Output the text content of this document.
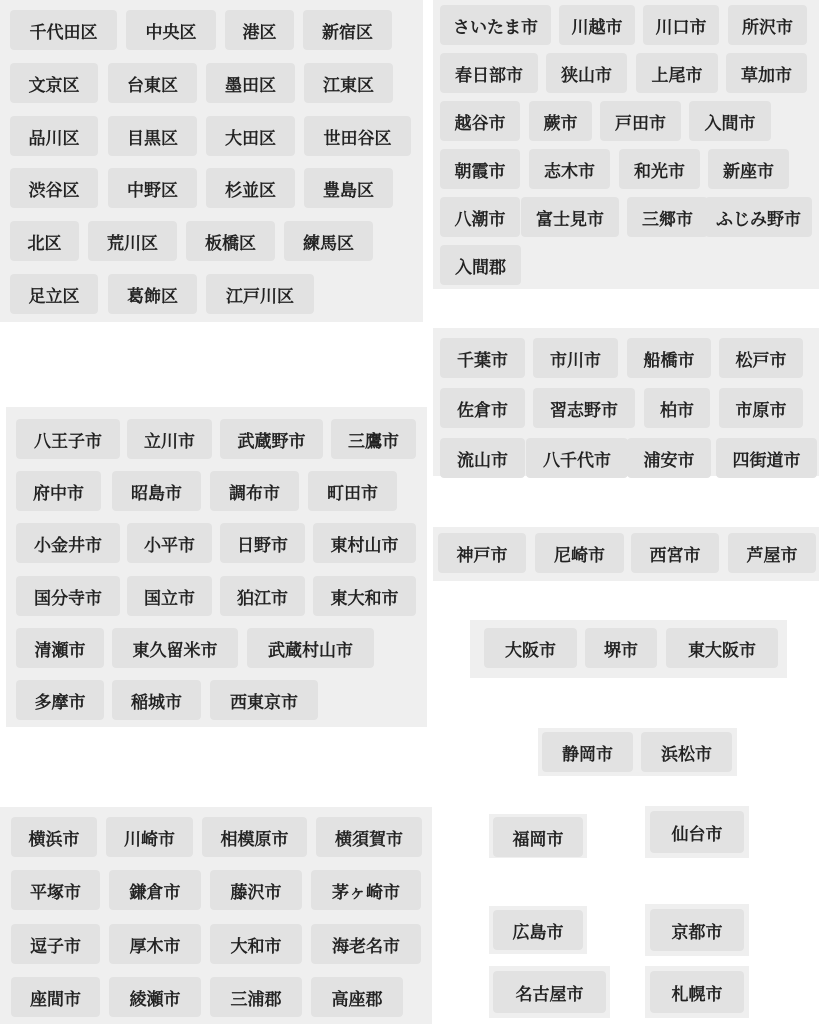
千代田区	中央区	港区	新宿区
文京区	台東区	墨田区	江東区
品川区	目黒区	大田区	世田谷区
渋谷区	中野区	杉並区	豊島区
北区	荒川区	板橋区	練馬区
足立区	葛飾区	江戸川区
さいたま市	川越市	川口市	所沢市
春日部市	狭山市	上尾市	草加市
越谷市	蕨市	戸田市	入間市
朝霞市	志木市	和光市	新座市
八潮市	富士見市	三郷市	ふじみ野市
入間郡
千葉市	市川市	船橋市	松戸市
佐倉市	習志野市	柏市	市原市
流山市	八千代市	浦安市	四街道市
八王子市	立川市	武蔵野市	三鷹市
府中市	昭島市	調布市	町田市
小金井市	小平市	日野市	東村山市
国分寺市	国立市	狛江市	東大和市
清瀬市	東久留米市	武蔵村山市
多摩市	稲城市	西東京市
神戸市	尼崎市	西宮市	芦屋市
大阪市	堺市	東大阪市
静岡市	浜松市
横浜市	川崎市	相模原市	横須賀市
平塚市	鎌倉市	藤沢市	茅ヶ崎市
逗子市	厚木市	大和市	海老名市
座間市	綾瀬市	三浦郡	高座郡
福岡市	仙台市
広島市	京都市
名古屋市	札幌市
